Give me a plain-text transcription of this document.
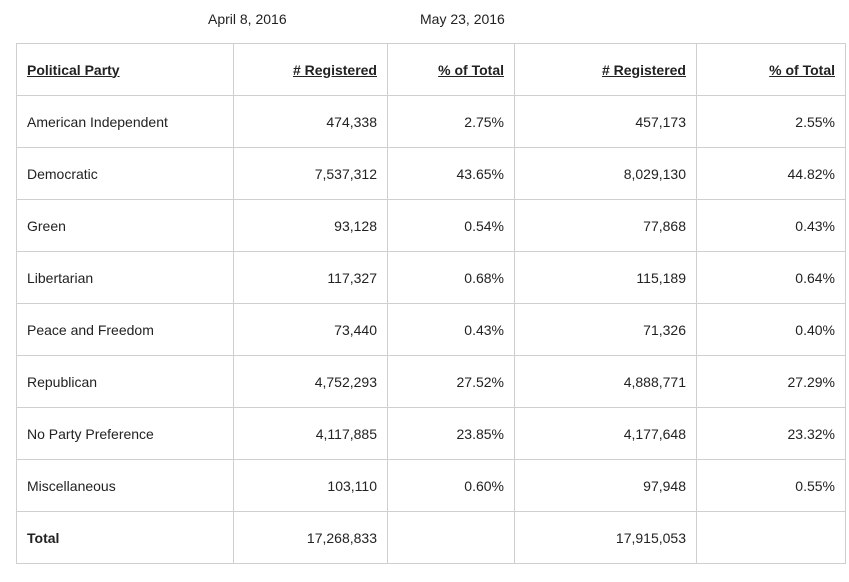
April 8, 2016	May 23, 2016
Political Party	# Registered	% of Total	# Registered	% of Total
American Independent	474,338	2.75%	457,173	2.55%
Democratic	7,537,312	43.65%	8,029,130	44.82%
Green	93,128	0.54%	77,868	0.43%
Libertarian	117,327	0.68%	115,189	0.64%
Peace and Freedom	73,440	0.43%	71,326	0.40%
Republican	4,752,293	27.52%	4,888,771	27.29%
No Party Preference	4,117,885	23.85%	4,177,648	23.32%
Miscellaneous	103,110	0.60%	97,948	0.55%
Total	17,268,833		17,915,053	
